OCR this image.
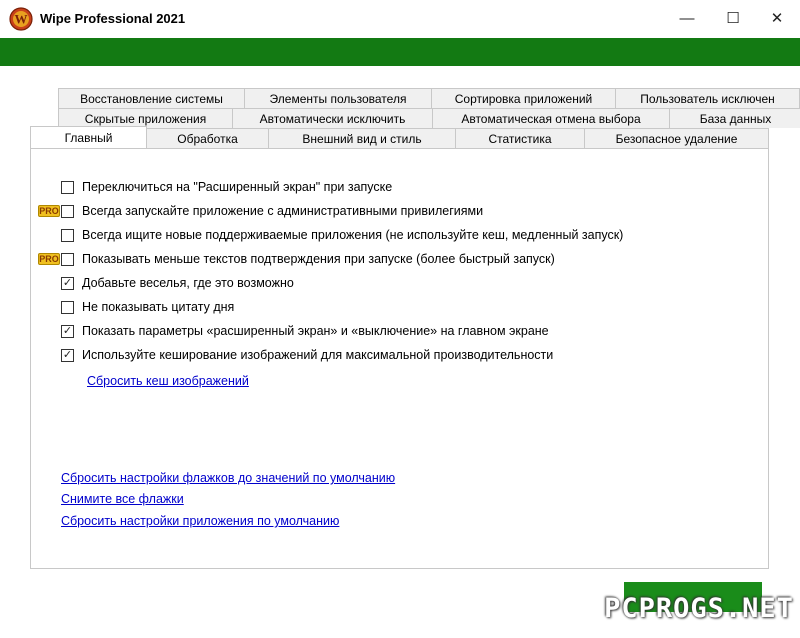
W Wipe Professional 2021	— ☐ ✕
Восстановление системы	Элементы пользователя	Сортировка приложений	Пользователь исключен
Скрытые приложения	Автоматически исключить	Автоматическая отмена выбора	База данных
Главный	Обработка	Внешний вид и стиль	Статистика	Безопасное удаление
Переключиться на "Расширенный экран" при запуске
Всегда запускайте приложение с административными привилегиями
PRO
Всегда ищите новые поддерживаемые приложения (не используйте кеш, медленный запуск)
Показывать меньше текстов подтверждения при запуске (более быстрый запуск)
PRO
✓ Добавьте веселья, где это возможно
Не показывать цитату дня
✓ Показать параметры «расширенный экран» и «выключение» на главном экране
✓ Используйте кеширование изображений для максимальной производительности
Сбросить кеш изображений
Сбросить настройки флажков до значений по умолчанию
Снимите все флажки
Сбросить настройки приложения по умолчанию
PCPROGS.NET
